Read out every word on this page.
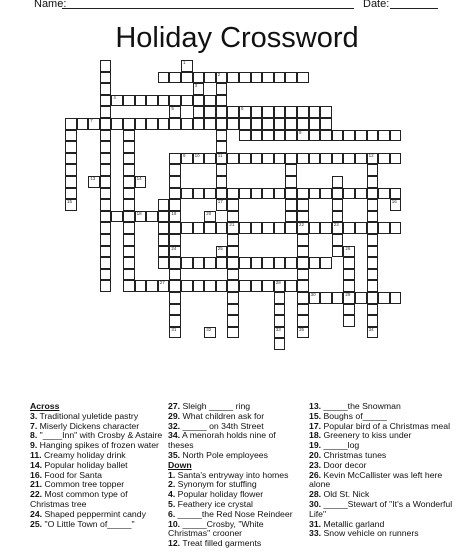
Name:	Date:
Holiday Crossword
2
11
17
4
6
7
15
8
9 10	12
19
24
21	22	23
29
27	28
33
30
18
1
3
5
13	14
16
20
25	26
31	32	34
35
Across
3. Traditional yuletide pastry
7. Miserly Dickens character
8. "____Inn" with Crosby & Astaire
9. Hanging spikes of frozen water
11. Creamy holiday drink
14. Popular holiday ballet
16. Food for Santa
21. Common tree topper
22. Most common type of Christmas tree
24. Shaped peppermint candy
25. "O Little Town of_____"
27. Sleigh _____ ring
29. What children ask for
32. _____ on 34th Street
34. A menorah holds nine of theses
35. North Pole employees
Down
1. Santa's entryway into homes
2. Synonym for stuffing
4. Popular holiday flower
5. Feathery ice crystal
6. _____the Red Nose Reindeer
10. _____Crosby, "White Christmas" crooner
12. Treat filled garments
13. _____the Snowman
15. Boughs of_____
17. Popular bird of a Christmas meal
18. Greenery to kiss under
19. _____log
20. Christmas tunes
23. Door decor
26. Kevin McCallister was left here alone
28. Old St. Nick
30. _____Stewart of "It's a Wonderful Life"
31. Metallic garland
33. Snow vehicle on runners
